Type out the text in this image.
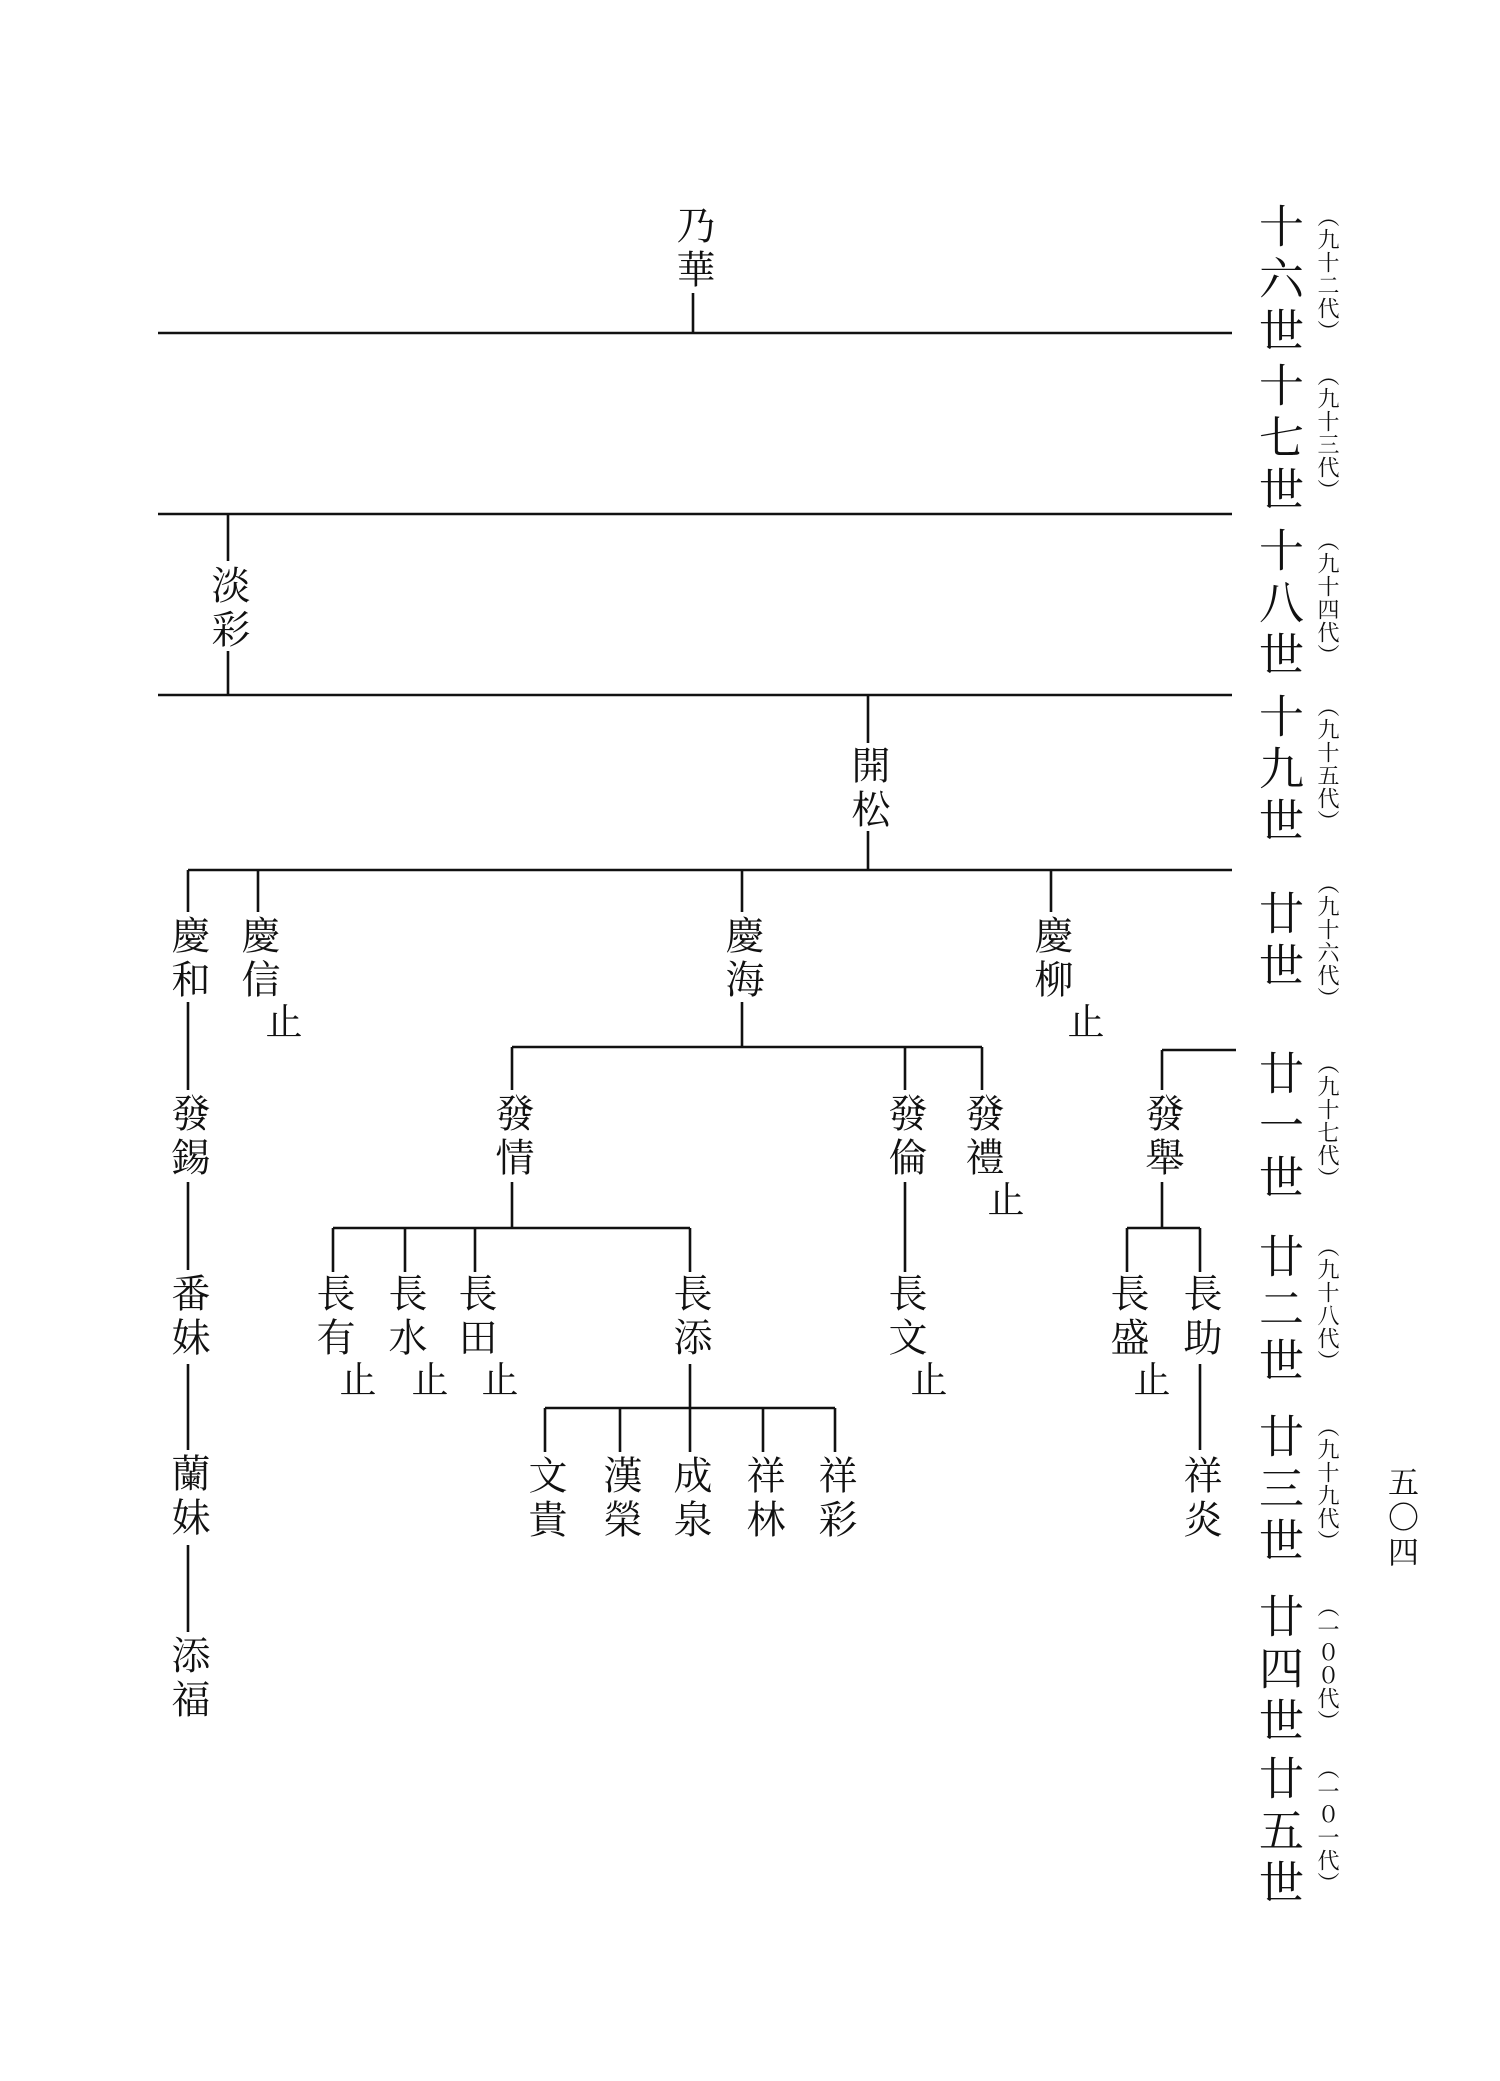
乃華
淡彩
開松
慶和 慶信
止
慶海	慶柳
止
發錫	發情	發倫 發禮
止
發舉
番妹	長有
止
長水
止
長田
止
長添	長文
止
長盛
止
長助
蘭妹	文貴 漢榮 成泉 祥林 祥彩	祥炎
添福
十六世 （九十二代）
十七世 （九十三代）
十八世 （九十四代）
十九世 （九十五代）
廿世 （九十六代）
廿一世 （九十七代）
廿二世 （九十八代）
廿三世 （九十九代）
廿四世 （一００代）
廿五世 （一０一代）
五〇四
